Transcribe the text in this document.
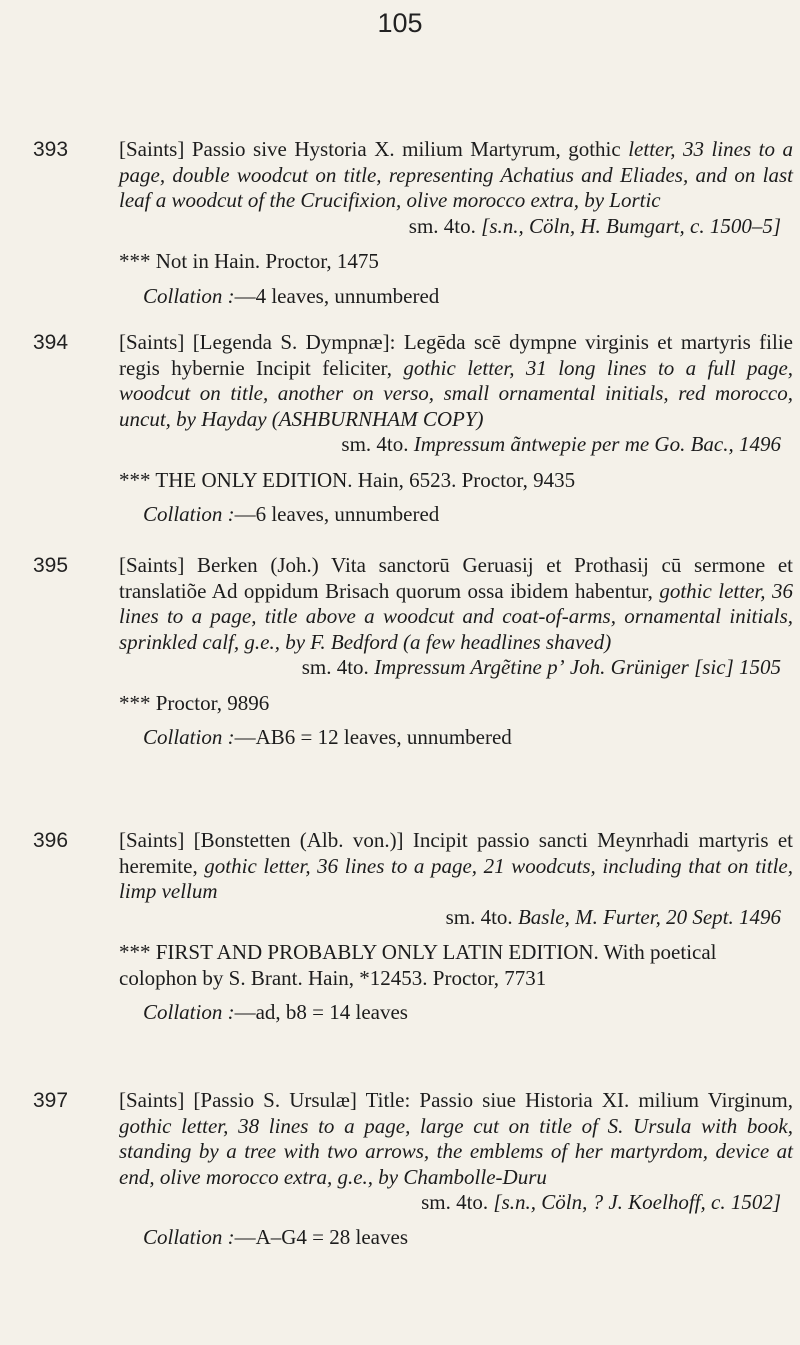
105
393 [Saints] Passio sive Hystoria X. milium Martyrum, gothic letter, 33 lines to a page, double woodcut on title, representing Achatius and Eliades, and on last leaf a woodcut of the Crucifixion, olive morocco extra, by Lortic
sm. 4to. [s.n., Cöln, H. Bumgart, c. 1500–5]
*** Not in Hain. Proctor, 1475
Collation :—4 leaves, unnumbered
394 [Saints] [Legenda S. Dympnæ]: Legēda scē dympne virginis et martyris filie regis hybernie Incipit feliciter, gothic letter, 31 long lines to a full page, woodcut on title, another on verso, small ornamental initials, red morocco, uncut, by Hayday (ASHBURNHAM COPY)
sm. 4to. Impressum ãntwepie per me Go. Bac., 1496
*** THE ONLY EDITION. Hain, 6523. Proctor, 9435
Collation :—6 leaves, unnumbered
395 [Saints] Berken (Joh.) Vita sanctorū Geruasij et Prothasij cū sermone et translatiõe Ad oppidum Brisach quorum ossa ibidem habentur, gothic letter, 36 lines to a page, title above a woodcut and coat-of-arms, ornamental initials, sprinkled calf, g.e., by F. Bedford (a few headlines shaved)
sm. 4to. Impressum Argẽtine pʼ Joh. Grüniger [sic] 1505
*** Proctor, 9896
Collation :—AB6 = 12 leaves, unnumbered
396 [Saints] [Bonstetten (Alb. von.)] Incipit passio sancti Meynrhadi martyris et heremite, gothic letter, 36 lines to a page, 21 woodcuts, including that on title, limp vellum
sm. 4to. Basle, M. Furter, 20 Sept. 1496
*** FIRST AND PROBABLY ONLY LATIN EDITION. With poetical colophon by S. Brant. Hain, *12453. Proctor, 7731
Collation :—ad, b8 = 14 leaves
397 [Saints] [Passio S. Ursulæ] Title: Passio siue Historia XI. milium Virginum, gothic letter, 38 lines to a page, large cut on title of S. Ursula with book, standing by a tree with two arrows, the emblems of her martyrdom, device at end, olive morocco extra, g.e., by Chambolle-Duru
sm. 4to. [s.n., Cöln, ? J. Koelhoff, c. 1502]
Collation :—A–G4 = 28 leaves
